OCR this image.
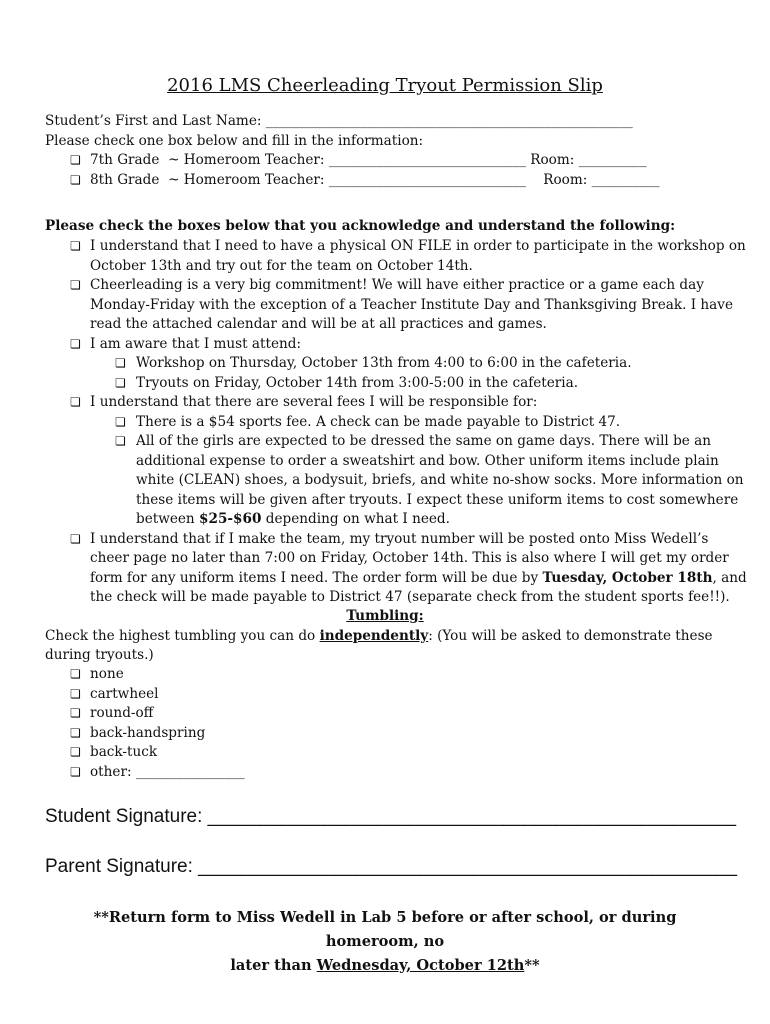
2016 LMS Cheerleading Tryout Permission Slip
Student’s First and Last Name: ______________________________________________________
Please check one box below and fill in the information:
❏ 7th Grade ~ Homeroom Teacher: _____________________________ Room: __________
❏ 8th Grade ~ Homeroom Teacher: _____________________________ Room: __________
Please check the boxes below that you acknowledge and understand the following:
❏ I understand that I need to have a physical ON FILE in order to participate in the workshop on
October 13th and try out for the team on October 14th.
❏ Cheerleading is a very big commitment! We will have either practice or a game each day
Monday-Friday with the exception of a Teacher Institute Day and Thanksgiving Break. I have
read the attached calendar and will be at all practices and games.
❏ I am aware that I must attend:
❏ Workshop on Thursday, October 13th from 4:00 to 6:00 in the cafeteria.
❏ Tryouts on Friday, October 14th from 3:00-5:00 in the cafeteria.
❏ I understand that there are several fees I will be responsible for:
❏ There is a $54 sports fee. A check can be made payable to District 47.
❏ All of the girls are expected to be dressed the same on game days. There will be an
additional expense to order a sweatshirt and bow. Other uniform items include plain
white (CLEAN) shoes, a bodysuit, briefs, and white no-show socks. More information on
these items will be given after tryouts. I expect these uniform items to cost somewhere
between $25-$60 depending on what I need.
❏ I understand that if I make the team, my tryout number will be posted onto Miss Wedell’s
cheer page no later than 7:00 on Friday, October 14th. This is also where I will get my order
form for any uniform items I need. The order form will be due by Tuesday, October 18th, and
the check will be made payable to District 47 (separate check from the student sports fee!!).
Tumbling:
Check the highest tumbling you can do independently: (You will be asked to demonstrate these
during tryouts.)
❏ none
❏ cartwheel
❏ round-off
❏ back-handspring
❏ back-tuck
❏ other: ________________
Student Signature: __________________________________________________
Parent Signature: ___________________________________________________
**Return form to Miss Wedell in Lab 5 before or after school, or during homeroom, no
later than Wednesday, October 12th**
